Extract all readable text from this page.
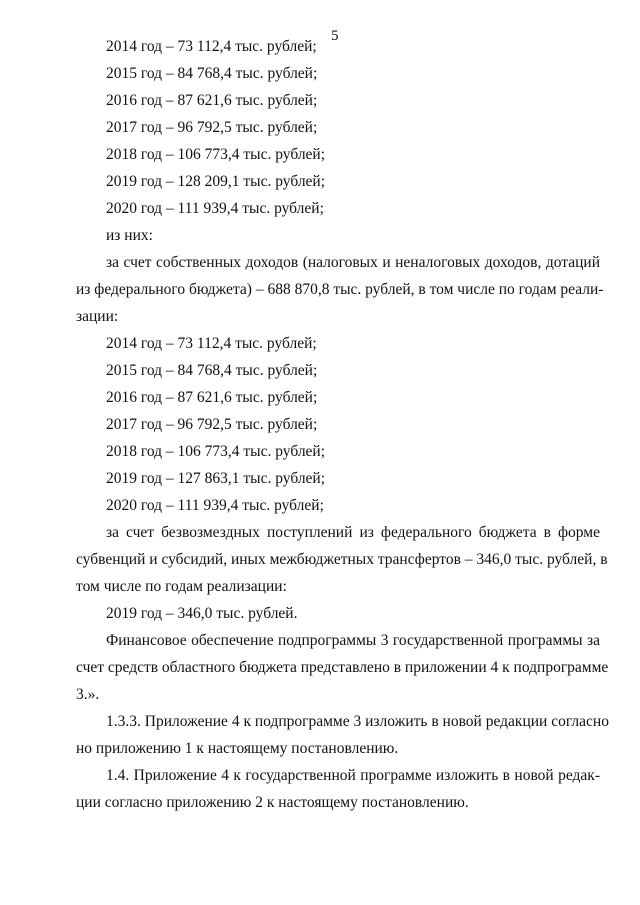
5
2014 год – 73 112,4 тыс. рублей;
2015 год – 84 768,4 тыс. рублей;
2016 год – 87 621,6 тыс. рублей;
2017 год – 96 792,5 тыс. рублей;
2018 год – 106 773,4 тыс. рублей;
2019 год – 128 209,1 тыс. рублей;
2020 год – 111 939,4 тыс. рублей;
из них:
за счет собственных доходов (налоговых и неналоговых доходов, дотаций
из федерального бюджета) – 688 870,8 тыс. рублей, в том числе по годам реали-
зации:
2014 год – 73 112,4 тыс. рублей;
2015 год – 84 768,4 тыс. рублей;
2016 год – 87 621,6 тыс. рублей;
2017 год – 96 792,5 тыс. рублей;
2018 год – 106 773,4 тыс. рублей;
2019 год – 127 863,1 тыс. рублей;
2020 год – 111 939,4 тыс. рублей;
за счет безвозмездных поступлений из федерального бюджета в форме
субвенций и субсидий, иных межбюджетных трансфертов – 346,0 тыс. рублей, в
том числе по годам реализации:
2019 год – 346,0 тыс. рублей.
Финансовое обеспечение подпрограммы 3 государственной программы за
счет средств областного бюджета представлено в приложении 4 к подпрограмме
3.».
1.3.3. Приложение 4 к подпрограмме 3 изложить в новой редакции согласно
но приложению 1 к настоящему постановлению.
1.4. Приложение 4 к государственной программе изложить в новой редак-
ции согласно приложению 2 к настоящему постановлению.
